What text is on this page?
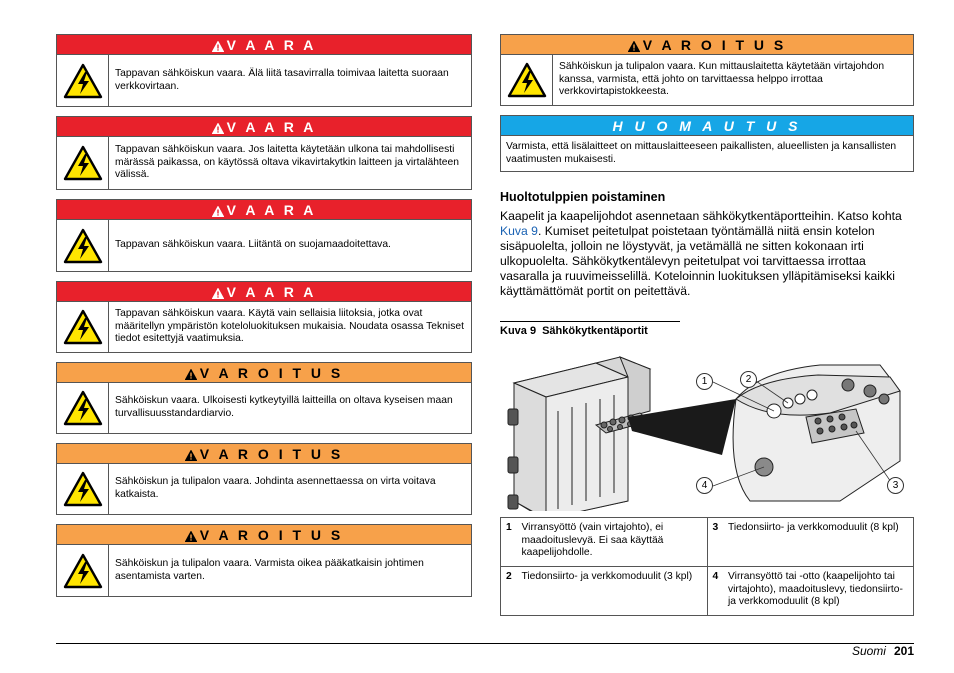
V A A R A
Tappavan sähköiskun vaara. Älä liitä tasavirralla toimivaa laitetta suoraan verkkovirtaan.
V A A R A
Tappavan sähköiskun vaara. Jos laitetta käytetään ulkona tai mahdollisesti märässä paikassa, on käytössä oltava vikavirtakytkin laitteen ja virtalähteen välissä.
V A A R A
Tappavan sähköiskun vaara. Liitäntä on suojamaadoitettava.
V A A R A
Tappavan sähköiskun vaara. Käytä vain sellaisia liitoksia, jotka ovat määritellyn ympäristön koteloluokituksen mukaisia. Noudata osassa Tekniset tiedot esitettyjä vaatimuksia.
V A R O I T U S
Sähköiskun vaara. Ulkoisesti kytkeytyillä laitteilla on oltava kyseisen maan turvallisuusstandardiarvio.
V A R O I T U S
Sähköiskun ja tulipalon vaara. Johdinta asennettaessa on virta voitava katkaista.
V A R O I T U S
Sähköiskun ja tulipalon vaara. Varmista oikea pääkatkaisin johtimen asentamista varten.
V A R O I T U S
Sähköiskun ja tulipalon vaara. Kun mittauslaitetta käytetään virtajohdon kanssa, varmista, että johto on tarvittaessa helppo irrottaa verkkovirtapistokkeesta.
H U O M A U T U S
Varmista, että lisälaitteet on mittauslaitteeseen paikallisten, alueellisten ja kansallisten vaatimusten mukaisesti.
Huoltotulppien poistaminen

Kaapelit ja kaapelijohdot asennetaan sähkökytkentäportteihin. Katso kohta Kuva 9. Kumiset peitetulpat poistetaan työntämällä niitä ensin kotelon sisäpuolelta, jolloin ne löystyvät, ja vetämällä ne sitten kokonaan irti ulkopuolelta. Sähkökytkentälevyn peitetulpat voi tarvittaessa irrottaa vasaralla ja ruuvimeisselillä. Koteloinnin luokituksen ylläpitämiseksi kaikki käyttämättömät portit on peitettävä.

Kuva 9 Sähkökytkentäportit
1	2
3
4
1	Virransyöttö (vain virtajohto), ei maadoituslevyä. Ei saa käyttää kaapelijohdolle.	3	Tiedonsiirto- ja verkkomoduulit (8 kpl)
2	Tiedonsiirto- ja verkkomoduulit (3 kpl)	4	Virransyöttö tai -otto (kaapelijohto tai virtajohto), maadoituslevy, tiedonsiirto- ja verkkomoduulit (8 kpl)
Suomi 201
